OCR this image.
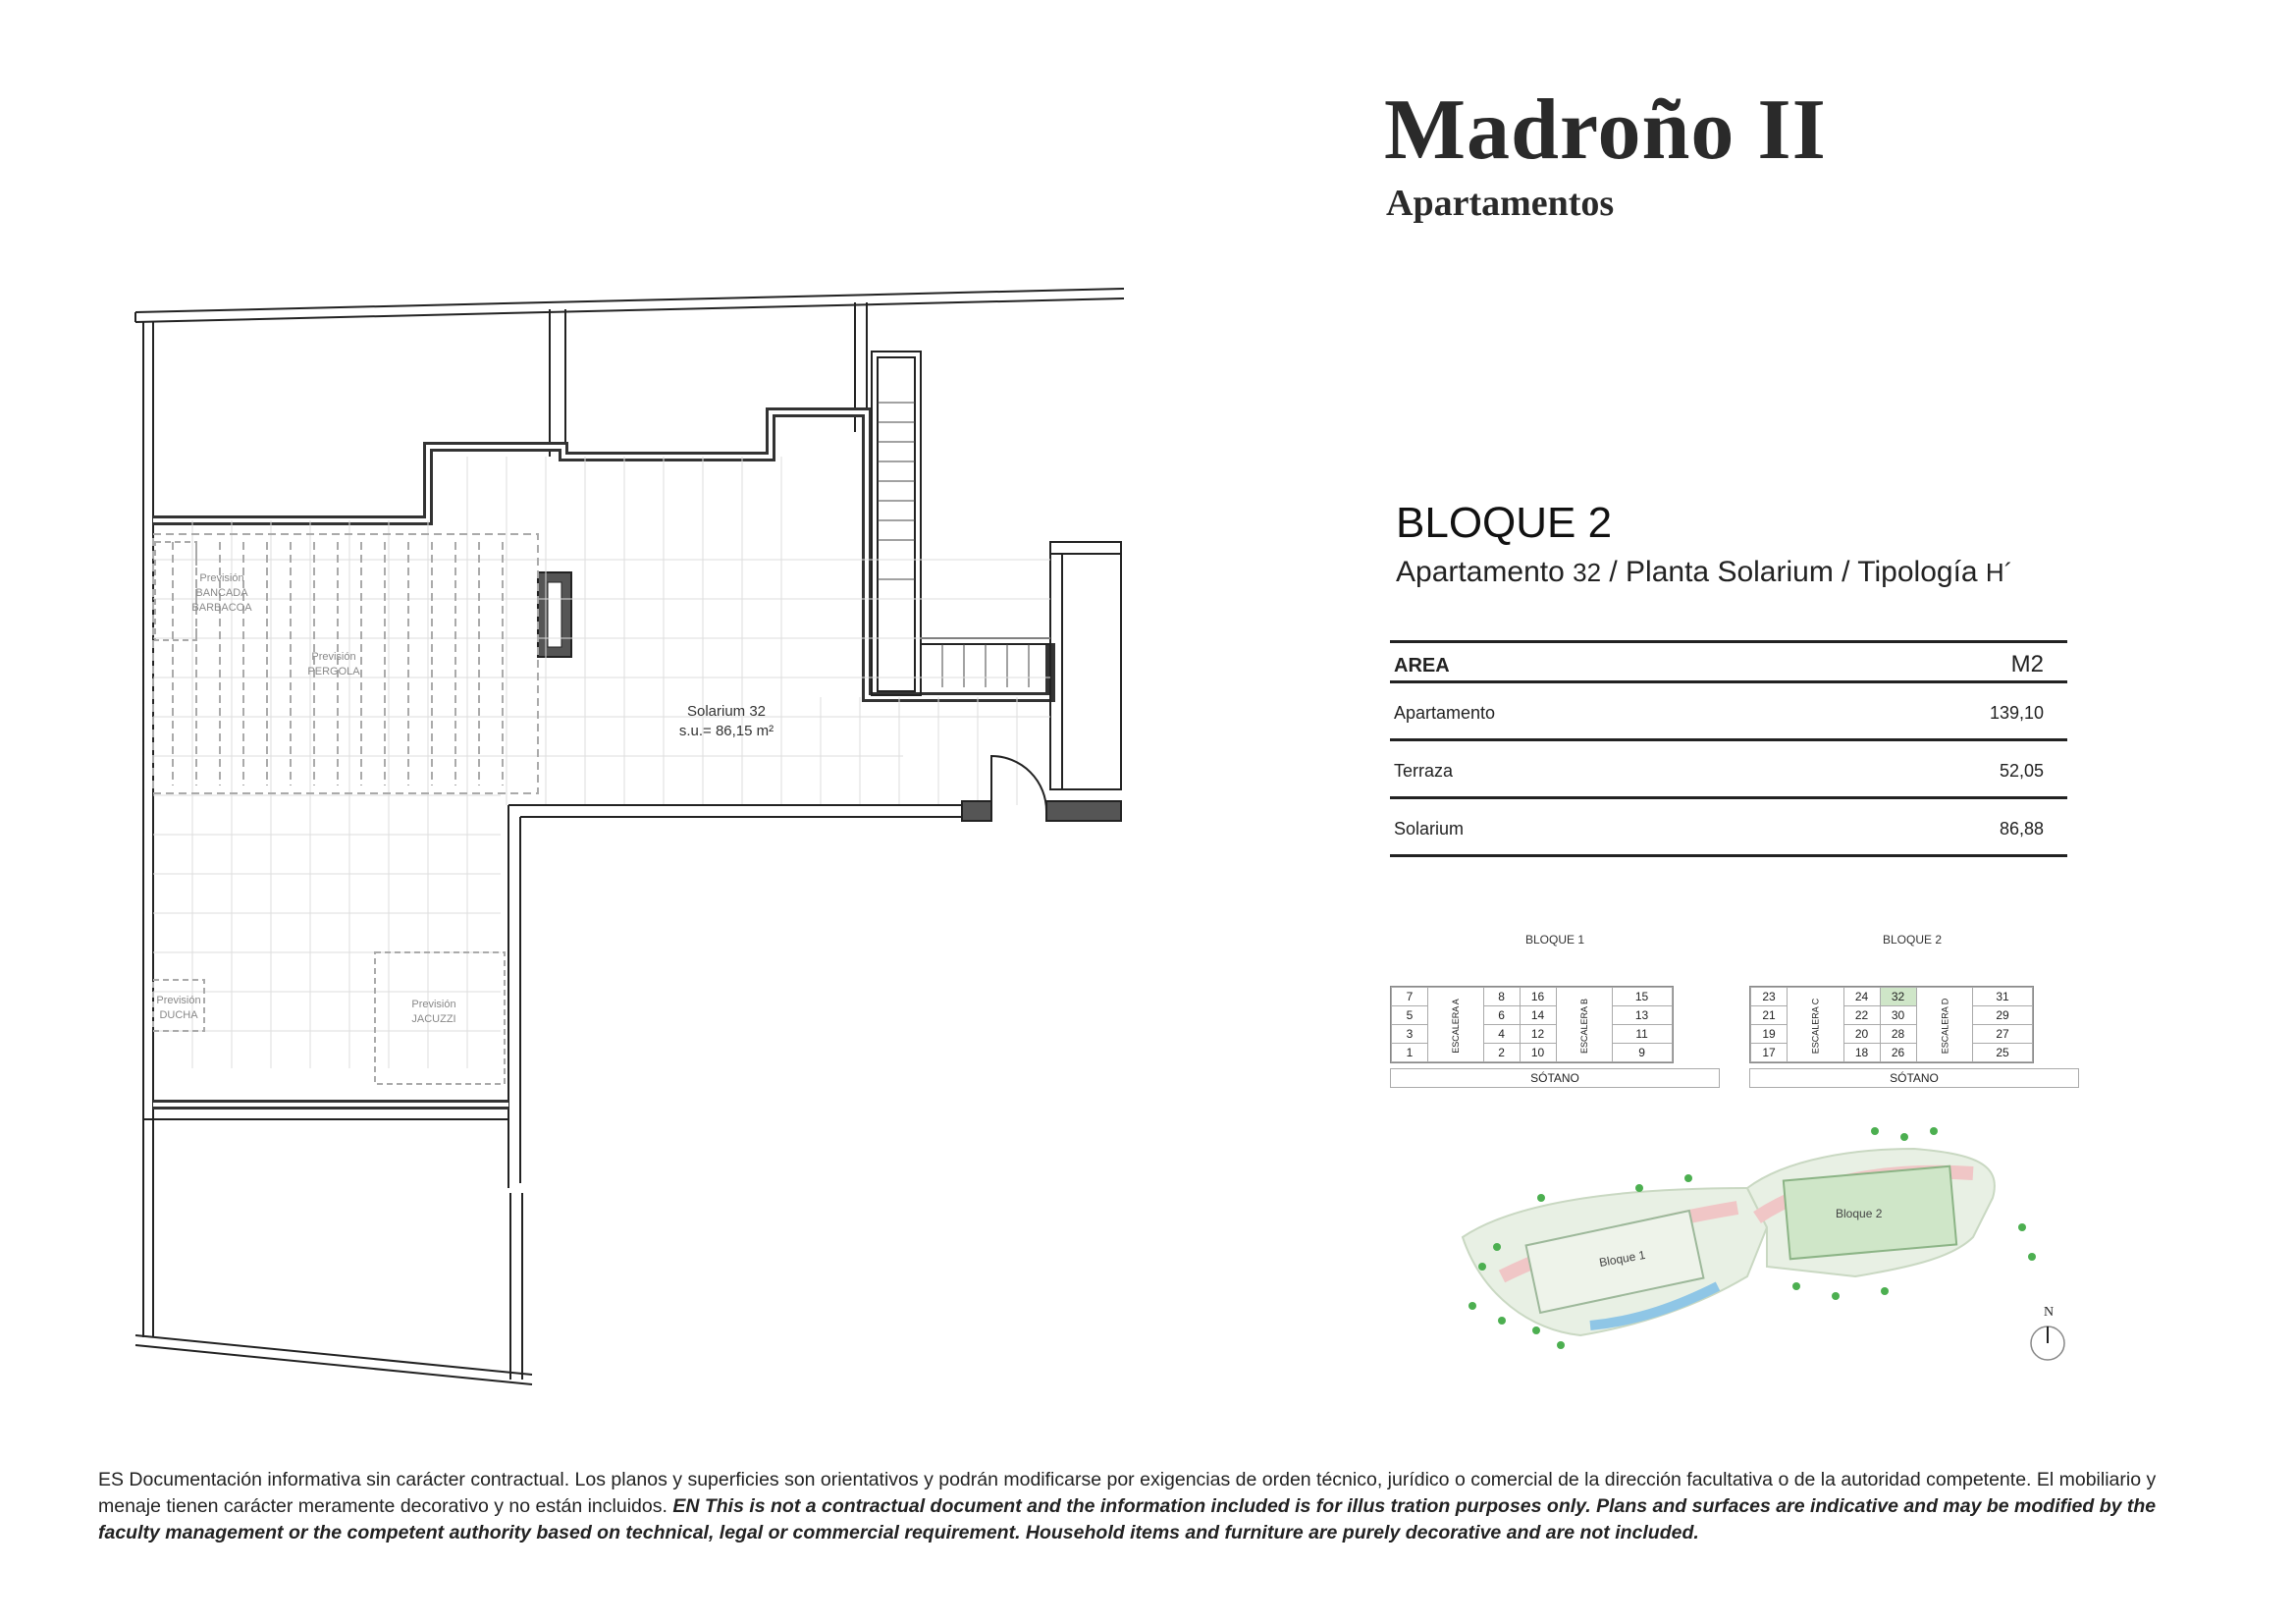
Madroño II
Apartamentos
Solarium 32
s.u.= 86,15 m²
Previsión
BANCADA
BARBACOA
Previsión
PERGOLA
Previsión
DUCHA
Previsión
JACUZZI
BLOQUE 2
Apartamento 32 / Planta Solarium / Tipología H´
AREA	M2
Apartamento	139,10
Terraza	52,05
Solarium	86,88
BLOQUE 1
7	ESCALERA A	8	16	ESCALERA B	15
5		6	14		13
3		4	12		11
1		2	10		9
SÓTANO
BLOQUE 2
23	ESCALERA C	24	32	ESCALERA D	31
21		22	30		29
19		20	28		27
17		18	26		25
SÓTANO
Bloque 1
Bloque 2
N
ES Documentación informativa sin carácter contractual. Los planos y superficies son orientativos y podrán modificarse por exigencias de orden técnico, jurídico o comercial de la dirección facultativa o de la autoridad competente. El mobiliario y menaje tienen carácter meramente decorativo y no están incluidos. EN This is not a contractual document and the information included is for illus tration purposes only. Plans and surfaces are indicative and may be modified by the faculty management or the competent authority based on technical, legal or commercial requirement. Household items and furniture are purely decorative and are not included.
